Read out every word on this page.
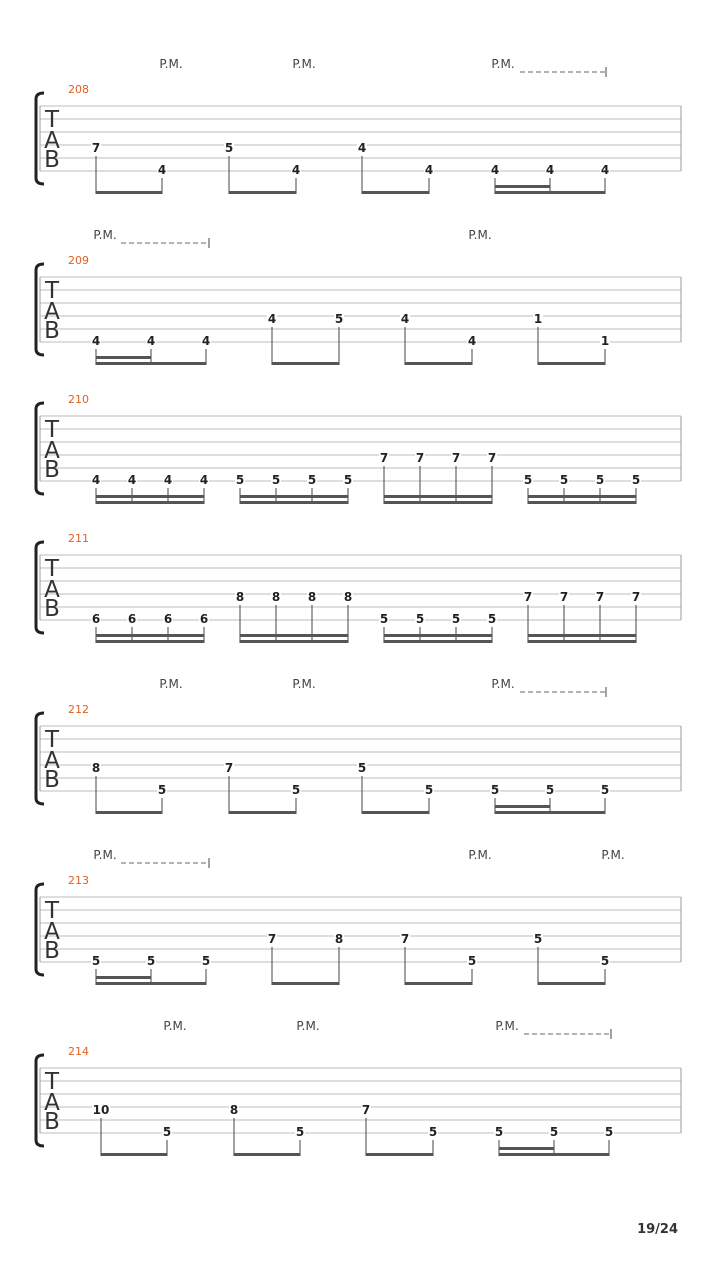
208
T
A
B
P.M.	P.M.	P.M.
7
4
5
4
4
4	4	4	4
209
T
A
B
P.M.	P.M.
4	4	4
4	5	4
4
1
1
210
T
A
B	4 4 4 4 5 5 5 5
7 7 7 7
5 5 5 5
211
T
A
B	6 6 6 6
8 8 8 8
5 5 5 5
7 7 7 7
212
T
A
B
P.M.	P.M.	P.M.
8
5
7
5
5
5	5	5	5
213
T
A
B
P.M.	P.M.	P.M.
5	5	5
7	8	7
5
5
5
214
T
A
B
P.M.	P.M.	P.M.
10
5
8
5
7
5	5	5	5
19/24
